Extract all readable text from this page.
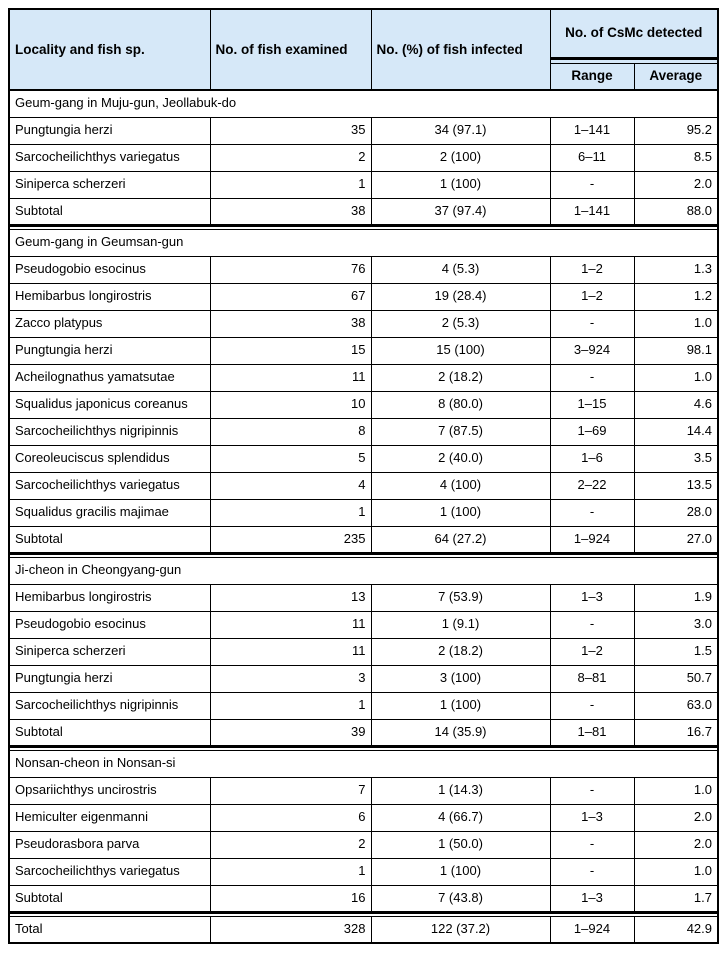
Locality and fish sp.	No. of fish examined	No. (%) of fish infected	No. of CsMc detected	

			Range	Average
Geum-gang in Muju-gun, Jeollabuk-do				
Pungtungia herzi	35	34 (97.1)	1–141	95.2
Sarcocheilichthys variegatus	2	2 (100)	6–11	8.5
Siniperca scherzeri	1	1 (100)	-	2.0
Subtotal	38	37 (97.4)	1–141	88.0

Geum-gang in Geumsan-gun				
Pseudogobio esocinus	76	4 (5.3)	1–2	1.3
Hemibarbus longirostris	67	19 (28.4)	1–2	1.2
Zacco platypus	38	2 (5.3)	-	1.0
Pungtungia herzi	15	15 (100)	3–924	98.1
Acheilognathus yamatsutae	11	2 (18.2)	-	1.0
Squalidus japonicus coreanus	10	8 (80.0)	1–15	4.6
Sarcocheilichthys nigripinnis	8	7 (87.5)	1–69	14.4
Coreoleuciscus splendidus	5	2 (40.0)	1–6	3.5
Sarcocheilichthys variegatus	4	4 (100)	2–22	13.5
Squalidus gracilis majimae	1	1 (100)	-	28.0
Subtotal	235	64 (27.2)	1–924	27.0

Ji-cheon in Cheongyang-gun				
Hemibarbus longirostris	13	7 (53.9)	1–3	1.9
Pseudogobio esocinus	11	1 (9.1)	-	3.0
Siniperca scherzeri	11	2 (18.2)	1–2	1.5
Pungtungia herzi	3	3 (100)	8–81	50.7
Sarcocheilichthys nigripinnis	1	1 (100)	-	63.0
Subtotal	39	14 (35.9)	1–81	16.7

Nonsan-cheon in Nonsan-si				
Opsariichthys uncirostris	7	1 (14.3)	-	1.0
Hemiculter eigenmanni	6	4 (66.7)	1–3	2.0
Pseudorasbora parva	2	1 (50.0)	-	2.0
Sarcocheilichthys variegatus	1	1 (100)	-	1.0
Subtotal	16	7 (43.8)	1–3	1.7

Total	328	122 (37.2)	1–924	42.9
